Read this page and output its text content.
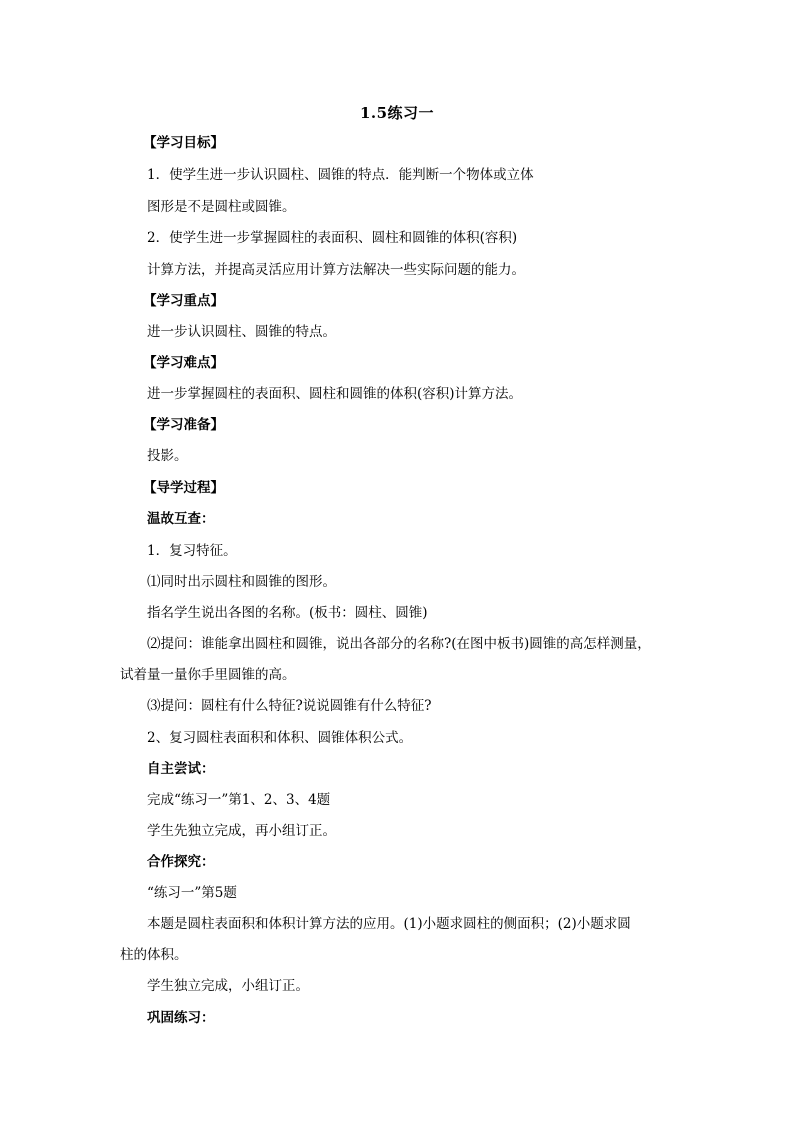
1.5练习一
【学习目标】
1．使学生进一步认识圆柱、圆锥的特点．能判断一个物体或立体
图形是不是圆柱或圆锥。
2．使学生进一步掌握圆柱的表面积、圆柱和圆锥的体积(容积)
计算方法，并提高灵活应用计算方法解决一些实际问题的能力。
【学习重点】
进一步认识圆柱、圆锥的特点。
【学习难点】
进一步掌握圆柱的表面积、圆柱和圆锥的体积(容积)计算方法。
【学习准备】
投影。
【导学过程】
温故互查：
1．复习特征。
⑴同时出示圆柱和圆锥的图形。
指名学生说出各图的名称。(板书：圆柱、圆锥)
⑵提问：谁能拿出圆柱和圆锥，说出各部分的名称?(在图中板书)圆锥的高怎样测量，
试着量一量你手里圆锥的高。
⑶提问：圆柱有什么特征?说说圆锥有什么特征?
2、复习圆柱表面积和体积、圆锥体积公式。
自主尝试：
完成“练习一”第1、2、3、4题
学生先独立完成，再小组订正。
合作探究：
“练习一”第5题
本题是圆柱表面积和体积计算方法的应用。(1)小题求圆柱的侧面积；(2)小题求圆
柱的体积。
学生独立完成，小组订正。
巩固练习：
